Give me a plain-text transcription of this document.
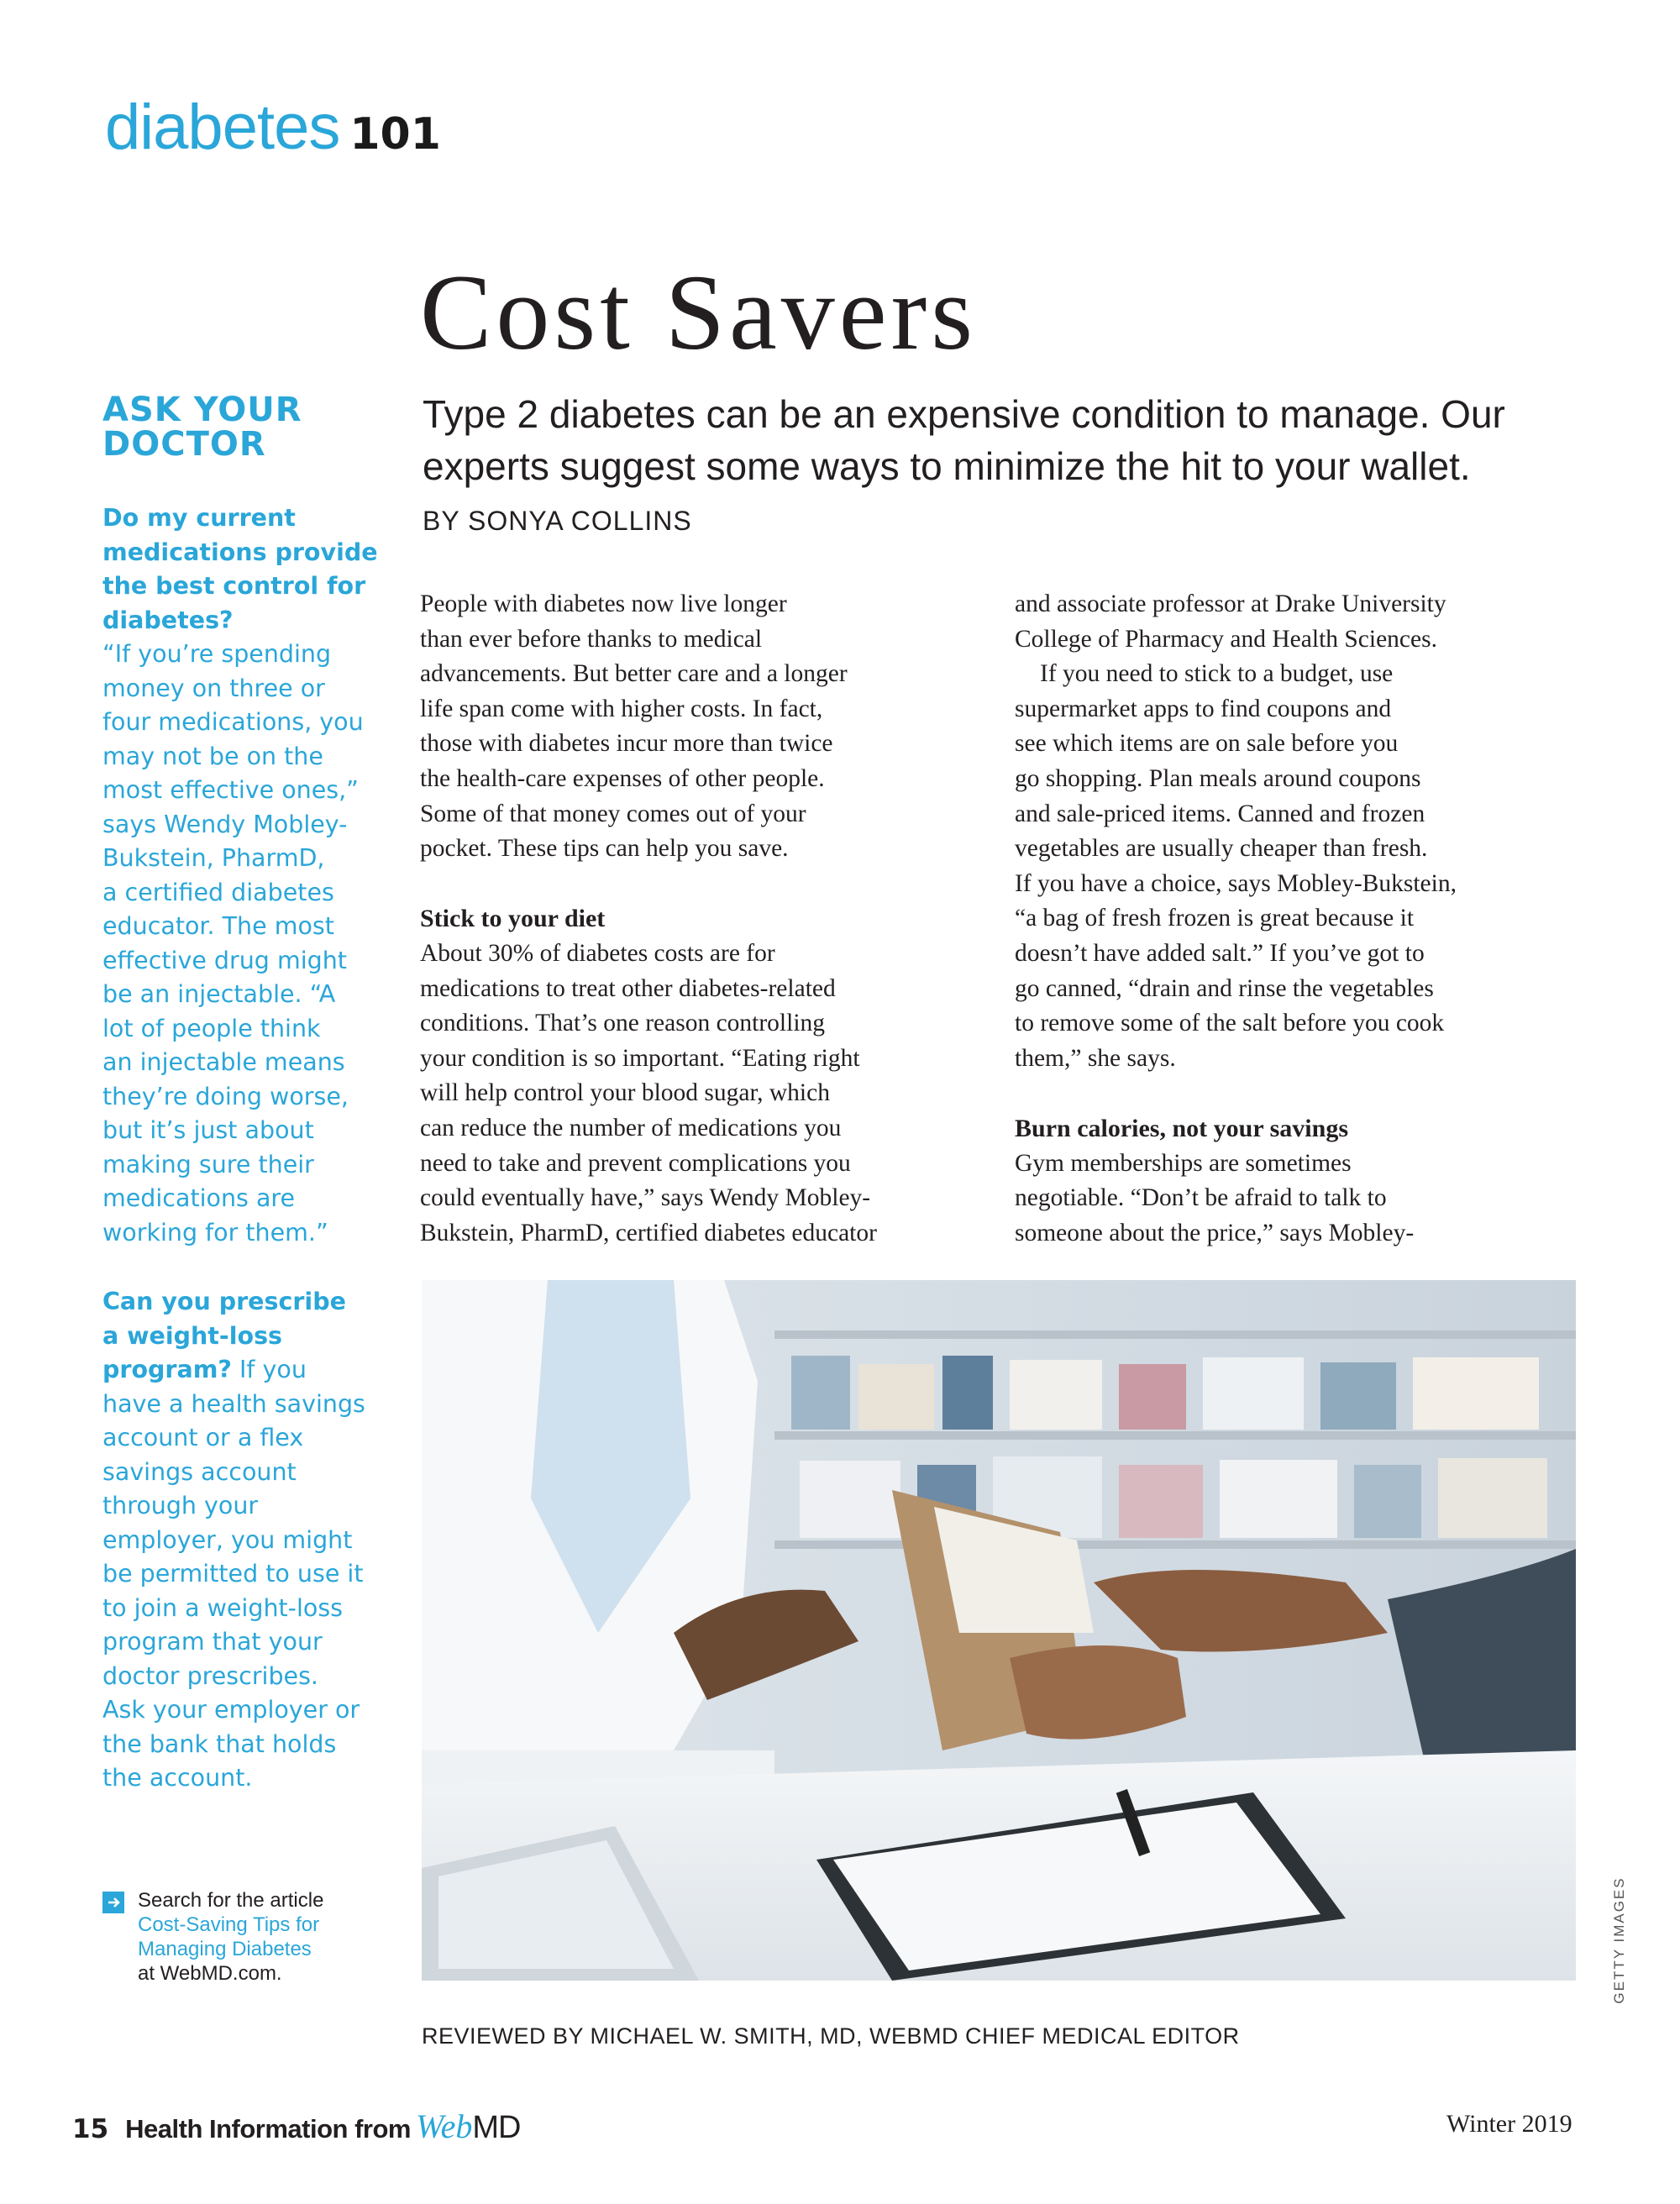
diabetes 101
Cost Savers
Type 2 diabetes can be an expensive condition to manage. Our experts suggest some ways to minimize the hit to your wallet.
BY SONYA COLLINS
ASK YOUR
DOCTOR
Do my current
medications provide
the best control for
diabetes?
“If you’re spending
money on three or
four medications, you
may not be on the
most effective ones,”
says Wendy Mobley-
Bukstein, PharmD,
a certified diabetes
educator. The most
effective drug might
be an injectable. “A
lot of people think
an injectable means
they’re doing worse,
but it’s just about
making sure their
medications are
working for them.”
Can you prescribe
a weight-loss
program? If you
have a health savings
account or a flex
savings account
through your
employer, you might
be permitted to use it
to join a weight-loss
program that your
doctor prescribes.
Ask your employer or
the bank that holds
the account.
Search for the article
Cost-Saving Tips for
Managing Diabetes
at WebMD.com.

People with diabetes now live longer

than ever before thanks to medical

advancements. But better care and a longer

life span come with higher costs. In fact,

those with diabetes incur more than twice

the health-care expenses of other people.

Some of that money comes out of your

pocket. These tips can help you save.

Stick to your diet

About 30% of diabetes costs are for

medications to treat other diabetes-related

conditions. That’s one reason controlling

your condition is so important. “Eating right

will help control your blood sugar, which

can reduce the number of medications you

need to take and prevent complications you

could eventually have,” says Wendy Mobley-

Bukstein, PharmD, certified diabetes educator

and associate professor at Drake University

College of Pharmacy and Health Sciences.

If you need to stick to a budget, use

supermarket apps to find coupons and

see which items are on sale before you

go shopping. Plan meals around coupons

and sale-priced items. Canned and frozen

vegetables are usually cheaper than fresh.

If you have a choice, says Mobley-Bukstein,

“a bag of fresh frozen is great because it

doesn’t have added salt.” If you’ve got to

go canned, “drain and rinse the vegetables

to remove some of the salt before you cook

them,” she says.

Burn calories, not your savings

Gym memberships are sometimes

negotiable. “Don’t be afraid to talk to

someone about the price,” says Mobley-

GETTY IMAGES
REVIEWED BY MICHAEL W. SMITH, MD, WEBMD CHIEF MEDICAL EDITOR
15 Health Information from WebMD	Winter 2019
